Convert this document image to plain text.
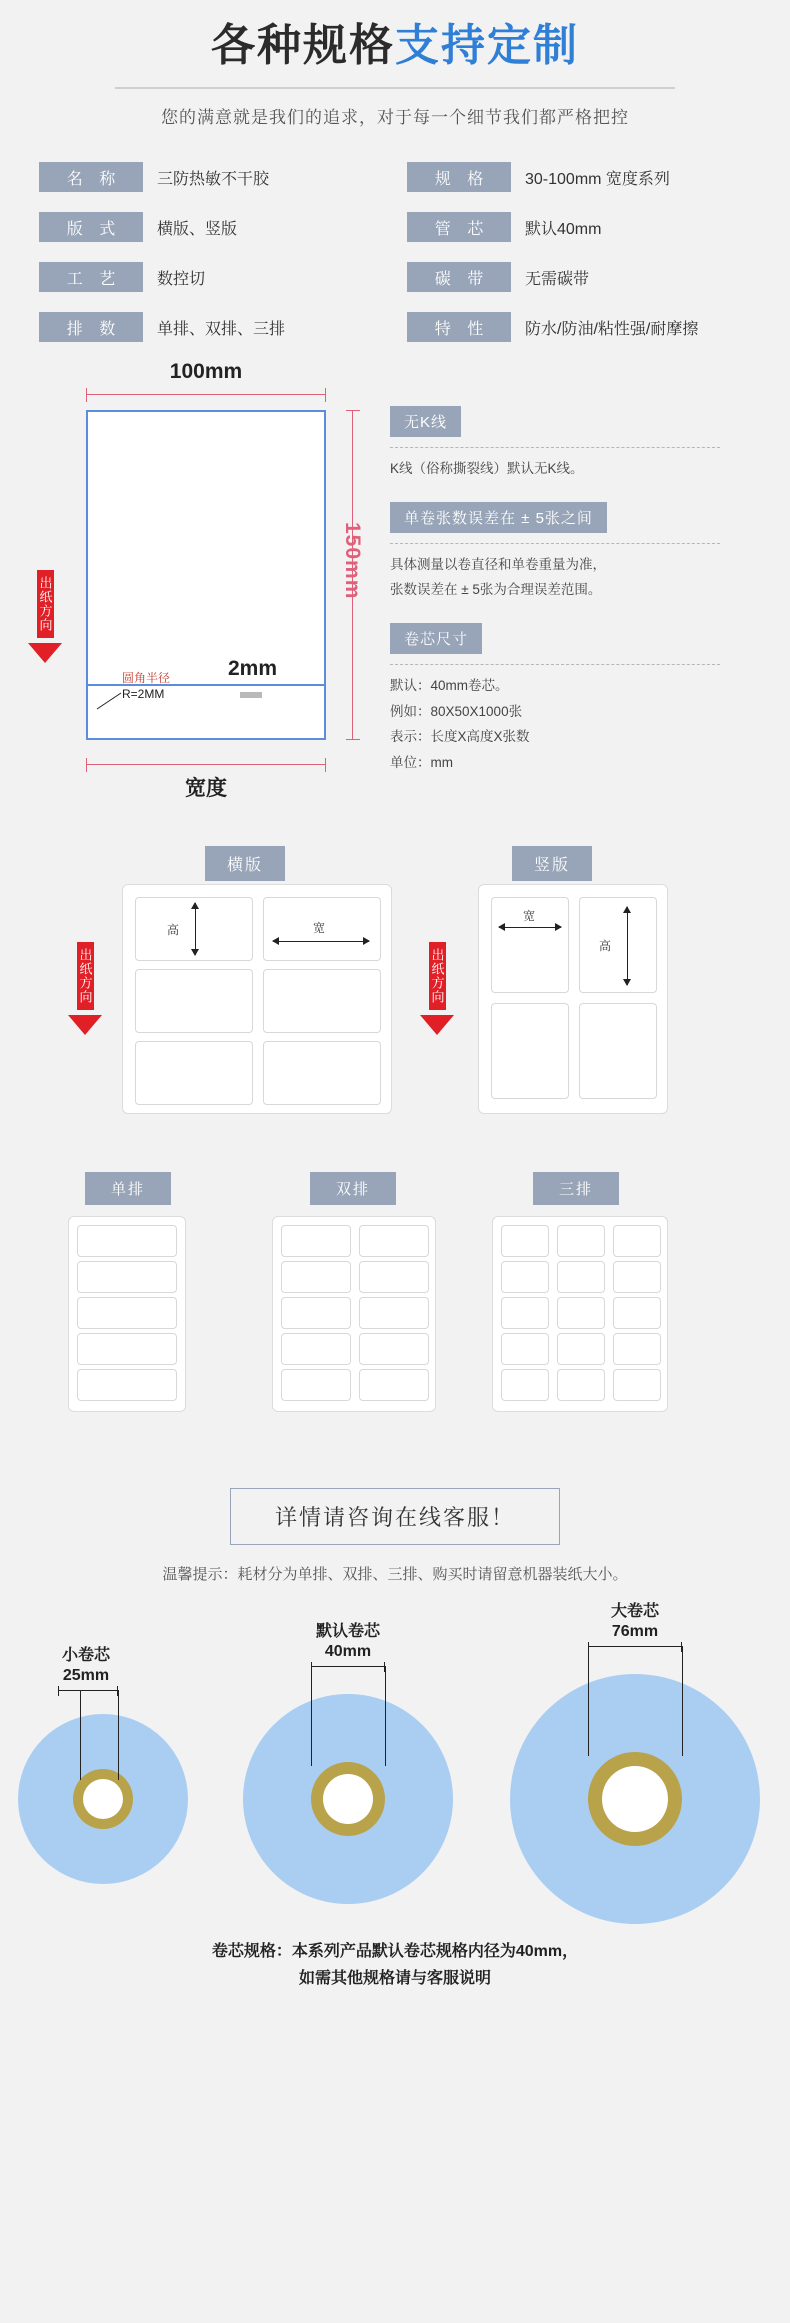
各种规格支持定制
您的满意就是我们的追求，对于每一个细节我们都严格把控
名 称	三防热敏不干胶	规 格	30-100mm 宽度系列
版 式	横版、竖版	管 芯	默认40mm
工 艺	数控切	碳 带	无需碳带
排 数	单排、双排、三排	特 性	防水/防油/粘性强/耐摩擦
100mm
150mm
2mm
圆角半径
R=2MM
宽度
出纸方向
无K线
K线（俗称撕裂线）默认无K线。
单卷张数误差在 ± 5张之间
具体测量以卷直径和单卷重量为准，
张数误差在 ± 5张为合理误差范围。
卷芯尺寸
默认：40mm卷芯。
例如：80X50X1000张
表示：长度X高度X张数
单位：mm
横版	竖版
高	宽
宽
高
出纸方向	出纸方向
单排	双排	三排
详情请咨询在线客服！
温馨提示：耗材分为单排、双排、三排、购买时请留意机器装纸大小。
小卷芯
25mm
默认卷芯
40mm
大卷芯
76mm
卷芯规格：本系列产品默认卷芯规格内径为40mm，
如需其他规格请与客服说明
